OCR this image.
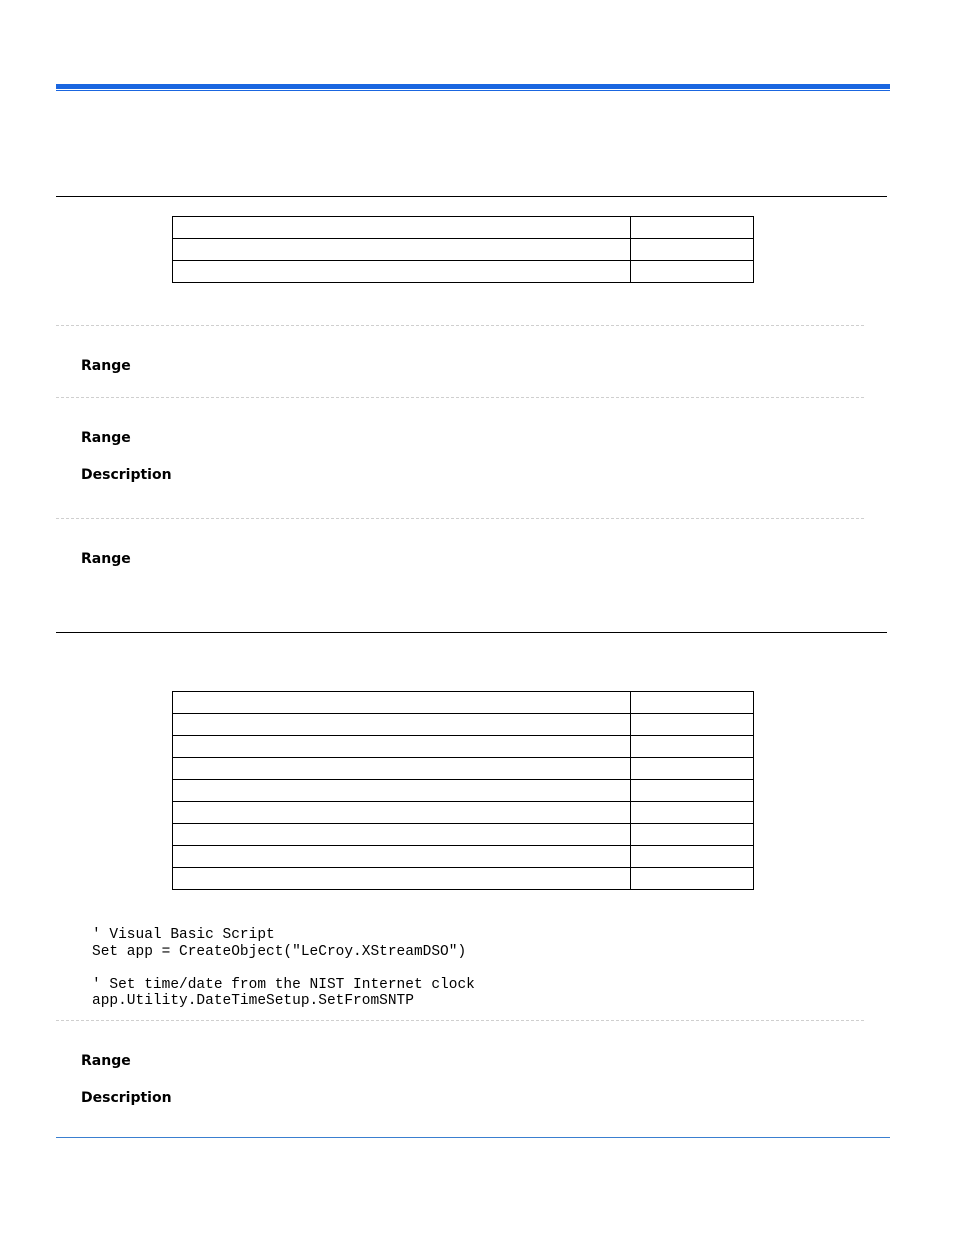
Range
Range
Description
Range

' Visual Basic Script
Set app = CreateObject("LeCroy.XStreamDSO")

' Set time/date from the NIST Internet clock
app.Utility.DateTimeSetup.SetFromSNTP
Range
Description
